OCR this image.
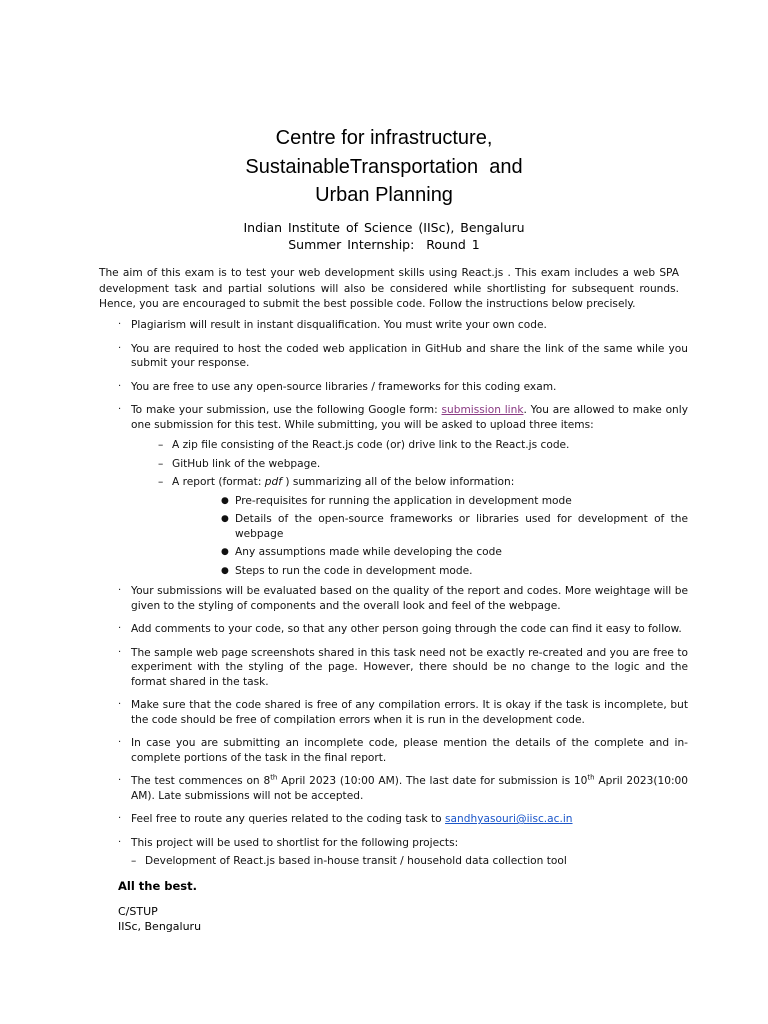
Centre for infrastructure,
SustainableTransportation  and
Urban Planning
Indian Institute of Science (IISc), Bengaluru
Summer Internship:  Round 1
The aim of this exam is to test your web development skills using React.js . This exam includes a web SPA development task and partial solutions will also be considered while shortlisting for subsequent rounds. Hence, you are encouraged to submit the best possible code. Follow the instructions below precisely.
· Plagiarism will result in instant disqualification. You must write your own code.
· You are required to host the coded web application in GitHub and share the link of the same while you submit your response.
· You are free to use any open-source libraries / frameworks for this coding exam.
· To make your submission, use the following Google form: submission link. You are allowed to make only one submission for this test. While submitting, you will be asked to upload three items:
– A zip file consisting of the React.js code (or) drive link to the React.js code.
– GitHub link of the webpage.
– A report (format: pdf ) summarizing all of the below information:
● Pre-requisites for running the application in development mode
● Details of the open-source frameworks or libraries used for development of the webpage
● Any assumptions made while developing the code
● Steps to run the code in development mode.
· Your submissions will be evaluated based on the quality of the report and codes. More weightage will be given to the styling of components and the overall look and feel of the webpage.
· Add comments to your code, so that any other person going through the code can find it easy to follow.
· The sample web page screenshots shared in this task need not be exactly re-created and you are free to experiment with the styling of the page. However, there should be no change to the logic and the format shared in the task.
· Make sure that the code shared is free of any compilation errors. It is okay if the task is incomplete, but the code should be free of compilation errors when it is run in the development code.
· In case you are submitting an incomplete code, please mention the details of the complete and in-complete portions of the task in the final report.
· The test commences on 8th April 2023 (10:00 AM). The last date for submission is 10th April 2023(10:00 AM). Late submissions will not be accepted.
· Feel free to route any queries related to the coding task to sandhyasouri@iisc.ac.in
· This project will be used to shortlist for the following projects:
– Development of React.js based in-house transit / household data collection tool
All the best.
C/STUP
IISc, Bengaluru
